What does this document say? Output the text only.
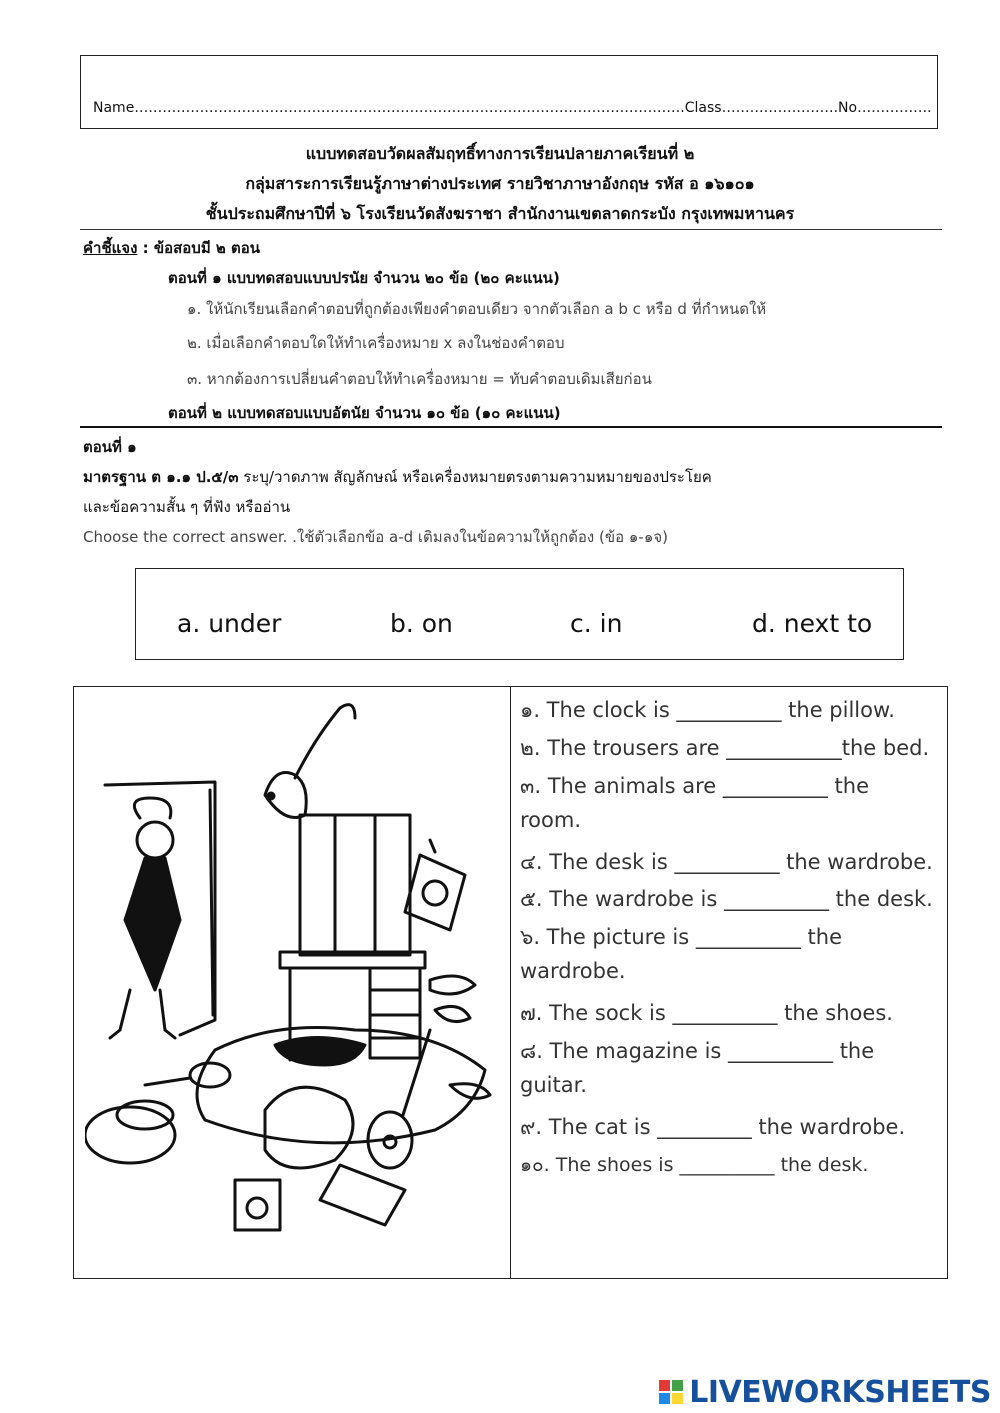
Name……………………………………………………………………………………………………….Class…………………….No…………….
แบบทดสอบวัดผลสัมฤทธิ์ทางการเรียนปลายภาคเรียนที่ ๒
กลุ่มสาระการเรียนรู้ภาษาต่างประเทศ รายวิชาภาษาอังกฤษ รหัส อ ๑๖๑๐๑
ชั้นประถมศึกษาปีที่ ๖ โรงเรียนวัดสังฆราชา สำนักงานเขตลาดกระบัง กรุงเทพมหานคร
คำชี้แจง : ข้อสอบมี ๒ ตอน
ตอนที่ ๑ แบบทดสอบแบบปรนัย จำนวน ๒๐ ข้อ (๒๐ คะแนน)
๑. ให้นักเรียนเลือกคำตอบที่ถูกต้องเพียงคำตอบเดียว จากตัวเลือก a b c หรือ d ที่กำหนดให้
๒. เมื่อเลือกคำตอบใดให้ทำเครื่องหมาย x ลงในช่องคำตอบ
๓. หากต้องการเปลี่ยนคำตอบให้ทำเครื่องหมาย = ทับคำตอบเดิมเสียก่อน
ตอนที่ ๒ แบบทดสอบแบบอัตนัย จำนวน ๑๐ ข้อ (๑๐ คะแนน)
ตอนที่ ๑
มาตรฐาน ต ๑.๑ ป.๕/๓ ระบุ/วาดภาพ สัญลักษณ์ หรือเครื่องหมายตรงตามความหมายของประโยค
และข้อความสั้น ๆ ที่ฟัง หรืออ่าน
Choose the correct answer. .ใช้ตัวเลือกข้อ a-d เติมลงในข้อความให้ถูกต้อง (ข้อ ๑-๑จ)
a. under	b. on	c. in	d. next to
๑. The clock is __________ the pillow.
๒. The trousers are ___________the bed.
๓. The animals are __________ the
room.
๔. The desk is __________ the wardrobe.
๕. The wardrobe is __________ the desk.
๖. The picture is __________ the
wardrobe.
๗. The sock is __________ the shoes.
๘. The magazine is __________ the
guitar.
๙. The cat is _________ the wardrobe.
๑๐. The shoes is __________ the desk.
LIVEWORKSHEETS
